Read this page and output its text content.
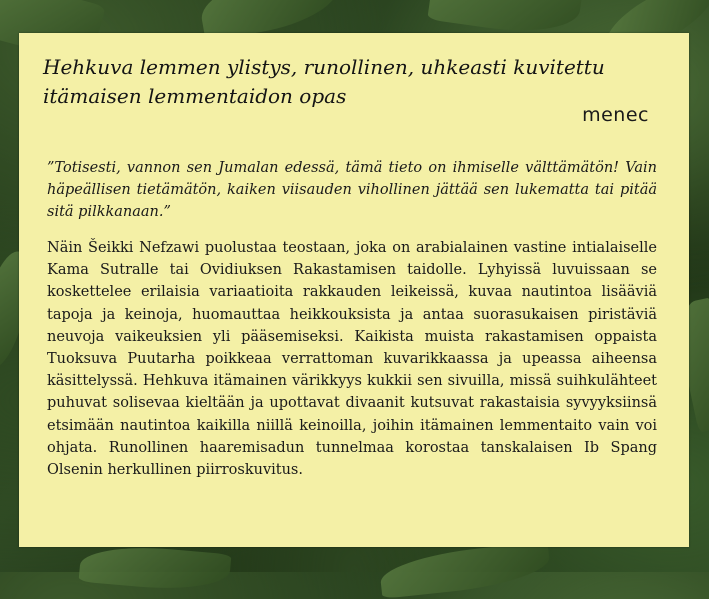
Hehkuva lemmen ylistys, runollinen, uhkeasti kuvitettu itämaisen lemmentaidon opas
menec

”Totisesti, vannon sen Jumalan edessä, tämä tieto on ihmiselle välttämätön! Vain häpeällisen tietämätön, kaiken viisauden vihollinen jättää sen lukematta tai pitää sitä pilkkanaan.”

Näin Šeikki Nefzawi puolustaa teostaan, joka on arabialainen vastine intialaiselle Kama Sutralle tai Ovidiuksen Rakastamisen taidolle. Lyhyissä luvuissaan se koskettelee erilaisia variaatioita rakkauden leikeissä, kuvaa nautintoa lisääviä tapoja ja keinoja, huomauttaa heikkouksista ja antaa suorasukaisen piristäviä neuvoja vaikeuksien yli pääsemiseksi. Kaikista muista rakastamisen oppaista Tuoksuva Puutarha poikkeaa verrattoman kuvarikkaassa ja upeassa aiheensa käsittelyssä. Hehkuva itämainen värikkyys kukkii sen sivuilla, missä suihkulähteet puhuvat solisevaa kieltään ja upottavat divaanit kutsuvat rakastaisia syvyyksiinsä etsimään nautintoa kaikilla niillä keinoilla, joihin itämainen lemmentaito vain voi ohjata. Runollinen haaremisadun tunnelmaa korostaa tanskalaisen Ib Spang Olsenin herkullinen piirroskuvitus.
